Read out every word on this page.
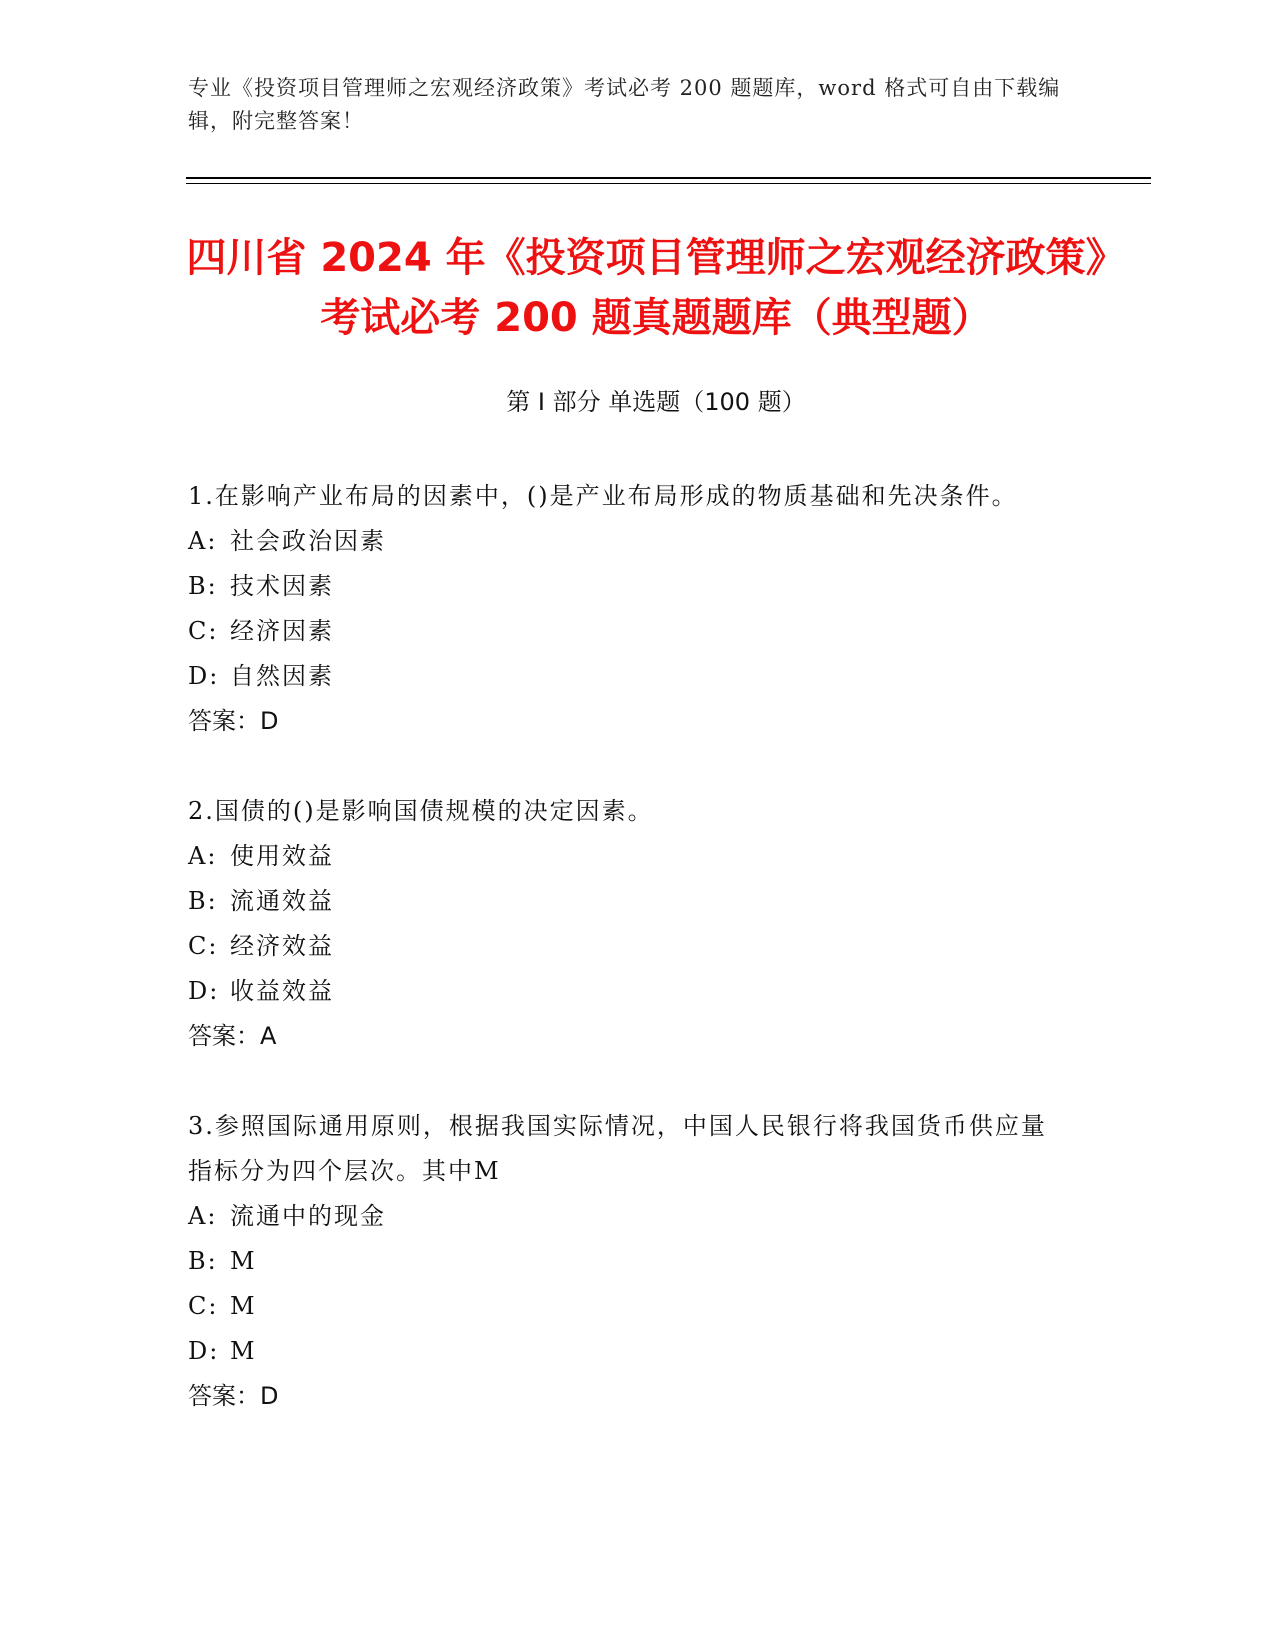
专业《投资项目管理师之宏观经济政策》考试必考 200 题题库，word 格式可自由下载编辑，附完整答案！
四川省 2024 年《投资项目管理师之宏观经济政策》考试必考 200 题真题题库（典型题）
第 I 部分 单选题（100 题）
1.在影响产业布局的因素中，()是产业布局形成的物质基础和先决条件。
A: 社会政治因素
B: 技术因素
C: 经济因素
D: 自然因素
答案：D
2.国债的()是影响国债规模的决定因素。
A: 使用效益
B: 流通效益
C: 经济效益
D: 收益效益
答案：A
3.参照国际通用原则，根据我国实际情况，中国人民银行将我国货币供应量指标分为四个层次。其中M
A: 流通中的现金
B: M
C: M
D: M
答案：D
